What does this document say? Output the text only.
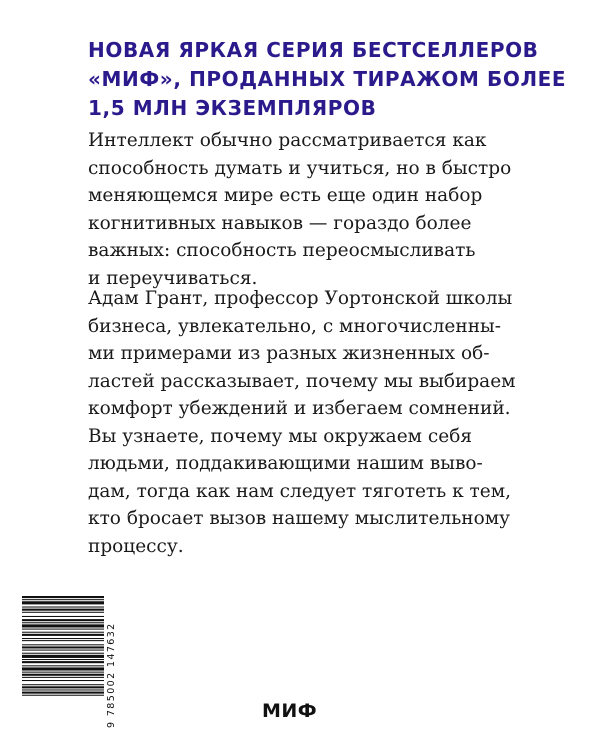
НОВАЯ ЯРКАЯ СЕРИЯ БЕСТСЕЛЛЕРОВ
«МИФ», ПРОДАННЫХ ТИРАЖОМ БОЛЕЕ
1,5 МЛН ЭКЗЕМПЛЯРОВ

Интеллект обычно рассматривается как
способность думать и учиться, но в быстро
меняющемся мире есть еще один набор
когнитивных навыков — гораздо более
важных: способность переосмысливать
и переучиваться.

Адам Грант, профессор Уортонской школы
бизнеса, увлекательно, с многочисленны-
ми примерами из разных жизненных об-
ластей рассказывает, почему мы выбираем
комфорт убеждений и избегаем сомнений.
Вы узнаете, почему мы окружаем себя
людьми, поддакивающими нашим выво-
дам, тогда как нам следует тяготеть к тем,
кто бросает вызов нашему мыслительному
процессу.

9 785002 147632	МИФ
